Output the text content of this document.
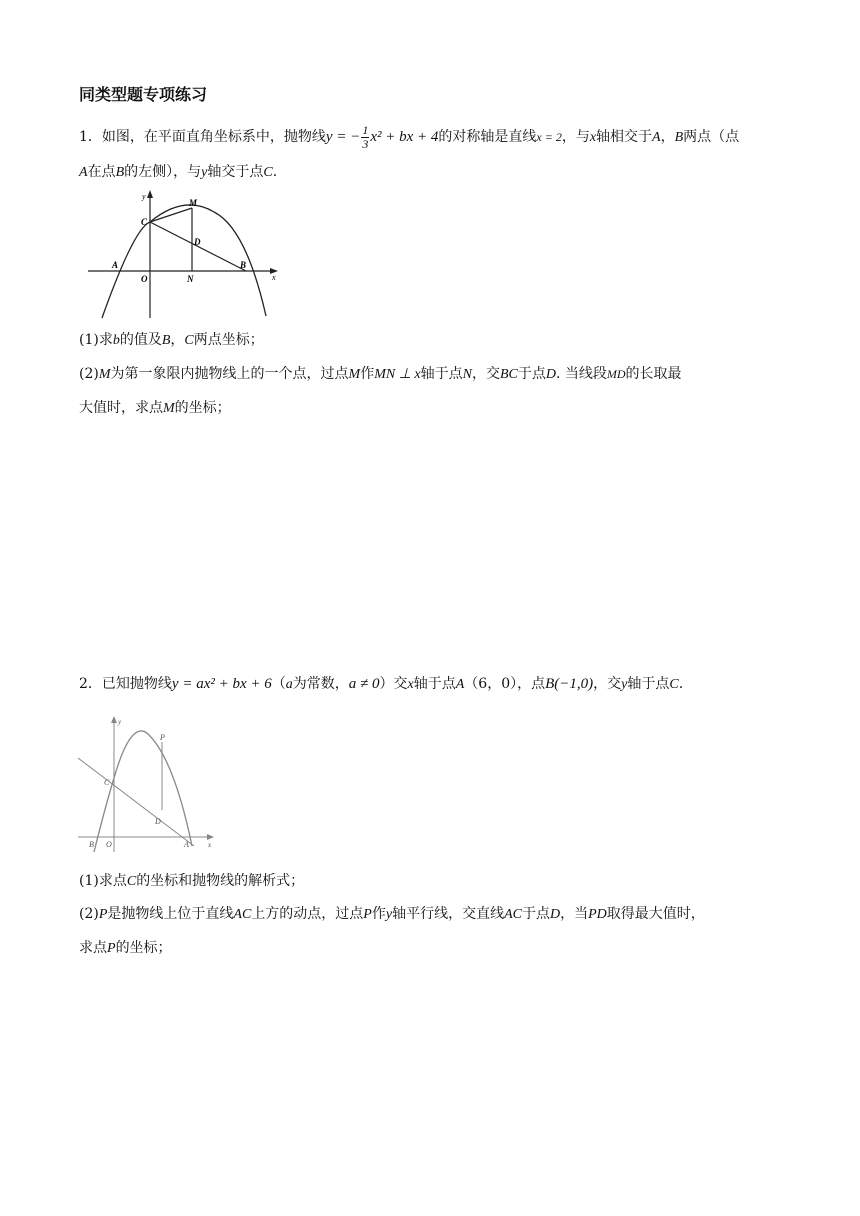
同类型题专项练习
1．如图，在平面直角坐标系中，抛物线y = − $\frac{1}{3} x^2$ + bx + 4的对称轴是直线x = 2，与x轴相交于A，B两点（点
A在点B的左侧），与y轴交于点C.
y
x
C
M
D
A
O	N
B
(1)求b的值及B，C两点坐标；
(2)M为第一象限内抛物线上的一个点，过点M作MN ⊥ x轴于点N，交BC于点D. 当线段MD的长取最
大值时，求点M的坐标；
2．已知抛物线y = ax² + bx + 6（a为常数，a ≠ 0）交x轴于点A（6，0），点B(−1,0)，交y轴于点C.
y
x
P
C
D
B O	A
(1)求点C的坐标和抛物线的解析式；
(2)P是抛物线上位于直线AC上方的动点，过点P作y轴平行线，交直线AC于点D，当PD取得最大值时，
求点P的坐标；
